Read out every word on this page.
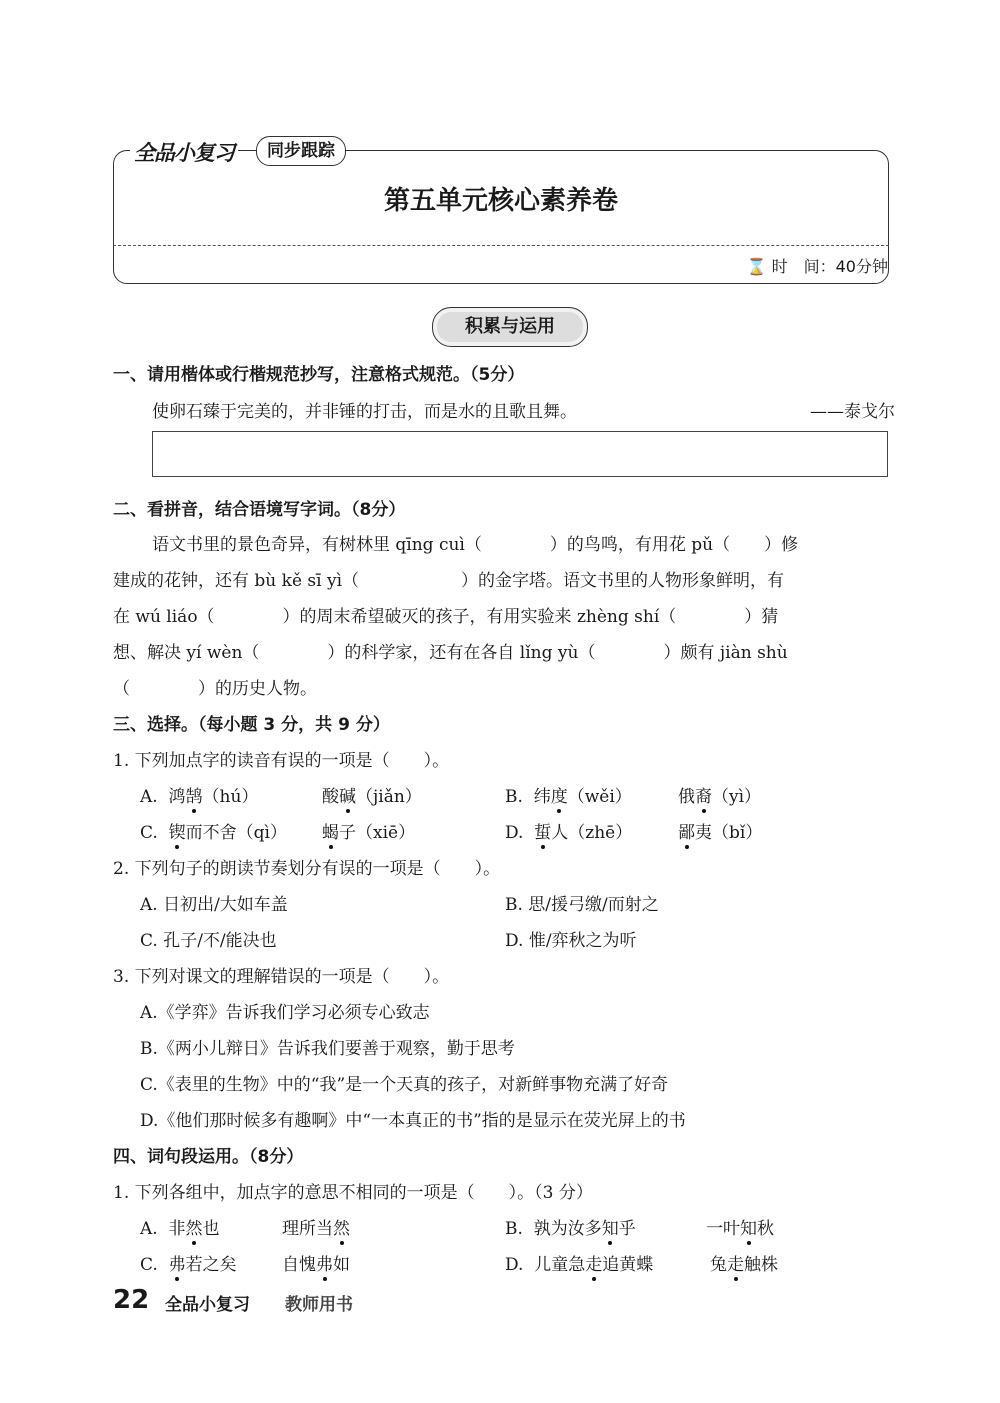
全品小复习	同步跟踪
第五单元核心素养卷
⌛ 时　间：40分钟
积累与运用
一、请用楷体或行楷规范抄写，注意格式规范。（5分）
使卵石臻于完美的，并非锤的打击，而是水的且歌且舞。	——泰戈尔
二、看拼音，结合语境写字词。（8分）
语文书里的景色奇异，有树林里 qīng cuì（　　　　）的鸟鸣，有用花 pǔ（　　）修
建成的花钟，还有 bù kě sī yì（　　　　　　）的金字塔。语文书里的人物形象鲜明，有
在 wú liáo（　　　　）的周末希望破灭的孩子，有用实验来 zhèng shí（　　　　）猜
想、解决 yí wèn（　　　　）的科学家，还有在各自 lǐng yù（　　　　）颇有 jiàn shù
（　　　　）的历史人物。
三、选择。（每小题 3 分，共 9 分）
1. 下列加点字的读音有误的一项是（　　）。
A. 鸿鹄（hú）	酸碱（jiǎn）	B. 纬度（wěi）	俄裔（yì）
C. 锲而不舍（qì） 蝎子（xiē）	D. 蜇人（zhē）	鄙夷（bǐ）
2. 下列句子的朗读节奏划分有误的一项是（　　）。
A. 日初出/大如车盖	B. 思/援弓缴/而射之
C. 孔子/不/能决也	D. 惟/弈秋之为听
3. 下列对课文的理解错误的一项是（　　）。
A.《学弈》告诉我们学习必须专心致志
B.《两小儿辩日》告诉我们要善于观察，勤于思考
C.《表里的生物》中的“我”是一个天真的孩子，对新鲜事物充满了好奇
D.《他们那时候多有趣啊》中“一本真正的书”指的是显示在荧光屏上的书
四、词句段运用。（8分）
1. 下列各组中，加点字的意思不相同的一项是（　　）。（3 分）
A. 非然也	理所当然	B. 孰为汝多知乎	一叶知秋
C. 弗若之矣	自愧弗如	D. 儿童急走追黄蝶	兔走触株
22 全品小复习 教师用书
